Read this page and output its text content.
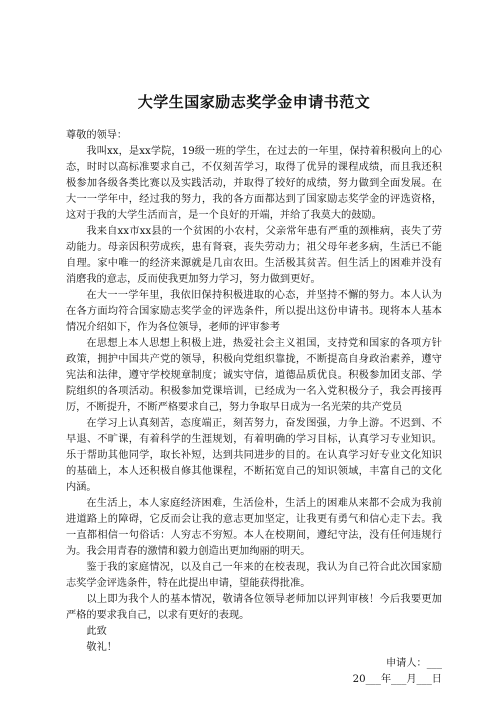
大学生国家励志奖学金申请书范文

尊敬的领导：

我叫xx，是xx学院，19级一班的学生，在过去的一年里，保持着积极向上的心态，时时以高标准要求自己，不仅刻苦学习，取得了优异的课程成绩，而且我还积极参加各级各类比赛以及实践活动，并取得了较好的成绩，努力做到全面发展。在大一一学年中，经过我的努力，我的各方面都达到了国家励志奖学金的评选资格，这对于我的大学生活而言，是一个良好的开端，并给了我莫大的鼓励。

我来自xx市xx县的一个贫困的小农村，父亲常年患有严重的颈椎病，丧失了劳动能力。母亲因积劳成疾，患有肾衰，丧失劳动力；祖父母年老多病，生活已不能自理。家中唯一的经济来源就是几亩农田。生活极其贫苦。但生活上的困难并没有消磨我的意志，反而使我更加努力学习，努力做到更好。

在大一一学年里，我依旧保持积极进取的心态，并坚持不懈的努力。本人认为在各方面均符合国家励志奖学金的评选条件，所以提出这份申请书。现将本人基本情况介绍如下，作为各位领导，老师的评审参考

在思想上本人思想上积极上进，热爱社会主义祖国，支持党和国家的各项方针政策，拥护中国共产党的领导，积极向党组织靠拢，不断提高自身政治素养，遵守宪法和法律，遵守学校规章制度；诚实守信，道德品质优良。积极参加团支部、学院组织的各项活动。积极参加党课培训，已经成为一名入党积极分子，我会再接再厉，不断提升，不断严格要求自己，努力争取早日成为一名光荣的共产党员

在学习上认真刻苦，态度端正，刻苦努力，奋发图强，力争上游。不迟到、不早退、不旷课，有着科学的生涯规划，有着明确的学习目标，认真学习专业知识。乐于帮助其他同学，取长补短，达到共同进步的目的。在认真学习好专业文化知识的基础上，本人还积极自修其他课程，不断拓宽自己的知识领域，丰富自己的文化内涵。

在生活上，本人家庭经济困难，生活俭朴，生活上的困难从来都不会成为我前进道路上的障碍，它反而会让我的意志更加坚定，让我更有勇气和信心走下去。我一直都相信一句俗话：人穷志不穷短。本人在校期间，遵纪守法，没有任何违规行为。我会用青春的激情和毅力创造出更加绚丽的明天。

鉴于我的家庭情况，以及自己一年来的在校表现，我认为自己符合此次国家励志奖学金评选条件，特在此提出申请，望能获得批准。

以上即为我个人的基本情况，敬请各位领导老师加以评判审核！今后我要更加严格的要求我自己，以求有更好的表现。

此致

敬礼！

申请人：___

20___年___月___日
